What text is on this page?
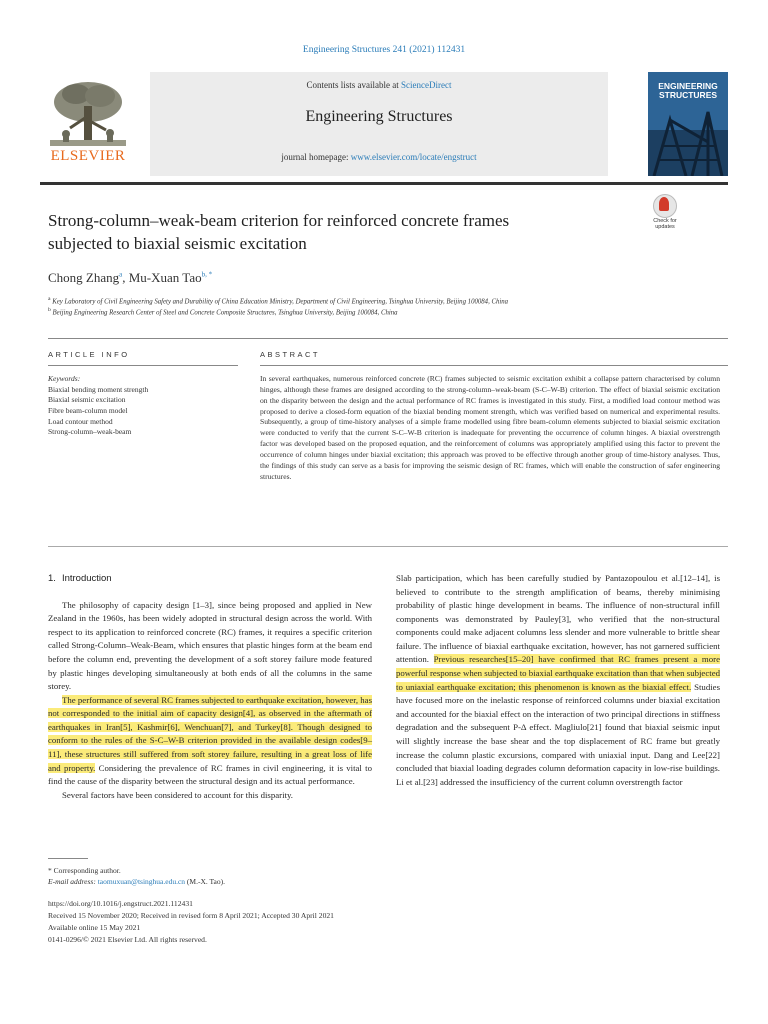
Engineering Structures 241 (2021) 112431
ELSEVIER
Contents lists available at ScienceDirect
Engineering Structures
journal homepage: www.elsevier.com/locate/engstruct
ENGINEERING
STRUCTURES
Check for
updates
Strong-column–weak-beam criterion for reinforced concrete frames
subjected to biaxial seismic excitation
Chong Zhang$^a$, Mu-Xuan Tao$^{b, *}$
$^a$ Key Laboratory of Civil Engineering Safety and Durability of China Education Ministry, Department of Civil Engineering, Tsinghua University, Beijing 100084, China
$^b$ Beijing Engineering Research Center of Steel and Concrete Composite Structures, Tsinghua University, Beijing 100084, China
ARTICLE INFO	ABSTRACT
Keywords:
Biaxial bending moment strength
Biaxial seismic excitation
Fibre beam-column model
Load contour method
Strong-column–weak-beam
In several earthquakes, numerous reinforced concrete (RC) frames subjected to seismic excitation exhibit a collapse pattern characterised by column hinges, although these frames are designed according to the strong-column–weak-beam (S-C–W-B) criterion. The effect of biaxial seismic excitation on the disparity between the design and the actual performance of RC frames is investigated in this study. First, a modified load contour method was proposed to derive a closed-form equation of the biaxial bending moment strength, which was verified based on numerical and experimental results. Subsequently, a group of time-history analyses of a simple frame modelled using fibre beam-column elements subjected to biaxial seismic excitation were conducted to verify that the current S-C–W-B criterion is inadequate for preventing the occurrence of column hinges. A biaxial overstrength factor was developed based on the proposed equation, and the reinforcement of columns was appropriately amplified using this factor to prevent the occurrence of column hinges under biaxial excitation; this approach was proved to be effective through another group of time-history analyses. Thus, the findings of this study can serve as a basis for improving the seismic design of RC frames, which will enable the construction of safer engineering structures.
1. Introduction

The philosophy of capacity design [1–3], since being proposed and applied in New Zealand in the 1960s, has been widely adopted in structural design across the world. With respect to its application to reinforced concrete (RC) frames, it requires a specific criterion called Strong-Column–Weak-Beam, which ensures that plastic hinges form at the beam end before the column end, preventing the development of a soft storey failure mode featured by plastic hinges developing simultaneously at both ends of all the columns in the same storey.

The performance of several RC frames subjected to earthquake excitation, however, has not corresponded to the initial aim of capacity design[4], as observed in the aftermath of earthquakes in Iran[5], Kashmir[6], Wenchuan[7], and Turkey[8]. Though designed to conform to the rules of the S-C–W-B criterion provided in the available design codes[9–11], these structures still suffered from soft storey failure, resulting in a great loss of life and property. Considering the prevalence of RC frames in civil engineering, it is vital to find the cause of the disparity between the structural design and its actual performance.

Several factors have been considered to account for this disparity.

Slab participation, which has been carefully studied by Pantazopoulou et al.[12–14], is believed to contribute to the strength amplification of beams, thereby minimising probability of plastic hinge development in beams. The influence of non-structural infill components was demonstrated by Pauley[3], who verified that the non-structural components could make adjacent columns less slender and more vulnerable to brittle shear failure. The influence of biaxial earthquake excitation, however, has not garnered sufficient attention. Previous researches[15–20] have confirmed that RC frames present a more powerful response when subjected to biaxial earthquake excitation than that when subjected to uniaxial earthquake excitation; this phenomenon is known as the biaxial effect. Studies have focused more on the inelastic response of reinforced columns under biaxial excitation and accounted for the biaxial effect on the interaction of two principal directions in stiffness degradation and the subsequent P-Δ effect. Magliulo[21] found that biaxial seismic input will slightly increase the base shear and the top displacement of RC frame but greatly increase the column plastic excursions, compared with uniaxial input. Dang and Lee[22] concluded that biaxial loading degrades column deformation capacity in low-rise buildings. Li et al.[23] addressed the insufficiency of the current column overstrength factor

* Corresponding author.
E-mail address: taomuxuan@tsinghua.edu.cn (M.-X. Tao).
https://doi.org/10.1016/j.engstruct.2021.112431
Received 15 November 2020; Received in revised form 8 April 2021; Accepted 30 April 2021
Available online 15 May 2021
0141-0296/© 2021 Elsevier Ltd. All rights reserved.
